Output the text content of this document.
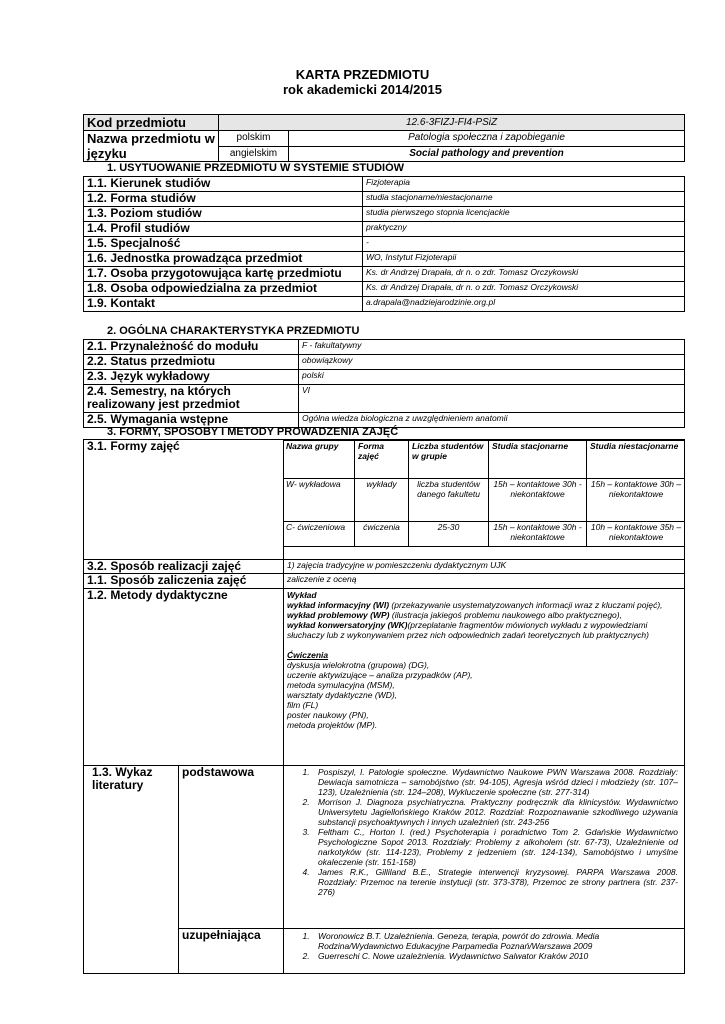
KARTA PRZEDMIOTU
rok akademicki 2014/2015
Kod przedmiotu	12.6-3FIZJ-FI4-PSiZ	
Nazwa przedmiotu w języku	polskim	Patologia społeczna i zapobieganie
	angielskim	Social pathology and prevention
1. USYTUOWANIE PRZEDMIOTU W SYSTEMIE STUDIÓW
1.1. Kierunek studiów	Fizjoterapia
1.2. Forma studiów	studia stacjonarne/niestacjonarne
1.3. Poziom studiów	studia pierwszego stopnia licencjackie
1.4. Profil studiów	praktyczny
1.5. Specjalność	-
1.6. Jednostka prowadząca przedmiot	WO, Instytut Fizjoterapii
1.7. Osoba przygotowująca kartę przedmiotu	Ks. dr Andrzej Drapała, dr n. o zdr. Tomasz Orczykowski
1.8. Osoba odpowiedzialna za przedmiot	Ks. dr Andrzej Drapała, dr n. o zdr. Tomasz Orczykowski
1.9. Kontakt	a.drapala@nadziejarodzinie.org.pl
2. OGÓLNA CHARAKTERYSTYKA PRZEDMIOTU
2.1. Przynależność do modułu	F - fakultatywny
2.2. Status przedmiotu	obowiązkowy
2.3. Język wykładowy	polski
2.4. Semestry, na których realizowany jest przedmiot	VI
2.5. Wymagania wstępne	Ogólna wiedza biologiczna z uwzględnieniem anatomii
3. FORMY, SPOSOBY I METODY PROWADZENIA ZAJĘĆ
3.1. Formy zajęć		Nazwa grupy	Forma zajęć	Liczba studentów w grupie	Studia stacjonarne	Studia niestacjonarne
W- wykładowa	wykłady	liczba studentów danego fakultetu	15h – kontaktowe 30h - niekontaktowe	15h – kontaktowe 30h – niekontaktowe
C- ćwiczeniowa	ćwiczenia	25-30	15h – kontaktowe 30h - niekontaktowe	10h – kontaktowe 35h – niekontaktowe

3.2. Sposób realizacji zajęć	1) zajęcia tradycyjne w pomieszczeniu dydaktycznym UJK
1.1. Sposób zaliczenia zajęć	zaliczenie z oceną
1.2. Metody dydaktyczne	Wykład

wykład informacyjny (WI) (przekazywanie usystematyzowanych informacji wraz z kluczami pojęć),

wykład problemowy (WP) (ilustracja jakiegoś problemu naukowego albo praktycznego),

wykład konwersatoryjny (WK)(przeplatanie fragmentów mówionych wykładu z wypowiedziami słuchaczy lub z wykonywaniem przez nich odpowiednich zadań teoretycznych lub praktycznych)

Ćwiczenia

dyskusja wielokrotna (grupowa) (DG),

uczenie aktywizujące – analiza przypadków (AP),

metoda symulacyjna (MSM),

warsztaty dydaktyczne (WD),

film (FL)

poster naukowy (PN),

metoda projektów (MP).

1.3. Wykaz literatury	podstawowa	
1.Pospiszyl, I. Patologie społeczne. Wydawnictwo Naukowe PWN Warszawa 2008. Rozdziały: Dewiacja samotnicza – samobójstwo (str. 94-105), Agresja wśród dzieci i młodzieży (str. 107–123), Uzależnienia (str. 124–208), Wykluczenie społeczne (str. 277-314)
2. Morrison J. Diagnoza psychiatryczna. Praktyczny podręcznik dla klinicystów. Wydawnictwo Uniwersytetu Jagiellońskiego Kraków 2012. Rozdział: Rozpoznawanie szkodliwego używania substancji psychoaktywnych i innych uzależnień (str. 243-256
3. Feltham C., Horton I. (red.) Psychoterapia i poradnictwo Tom 2. Gdańskie Wydawnictwo Psychologiczne Sopot 2013. Rozdziały: Problemy z alkoholem (str. 67-73), Uzależnienie od narkotyków (str. 114-123), Problemy z jedzeniem (str. 124-134), Samobójstwo i umyślne okaleczenie (str. 151-158)
4. James R.K., Gilliland B.E., Strategie interwencji kryzysowej. PARPA Warszawa 2008. Rozdziały: Przemoc na terenie instytucji (str. 373-378), Przemoc ze strony partnera (str. 237-276)

uzupełniająca	
1.Woronowicz B.T. Uzależnienia. Geneza, terapia, powrót do zdrowia. Media Rodzina/Wydawnictwo Edukacyjne Parpamedia Poznań/Warszawa 2009
2. Guerreschi C. Nowe uzależnienia. Wydawnictwo Salwator Kraków 2010
